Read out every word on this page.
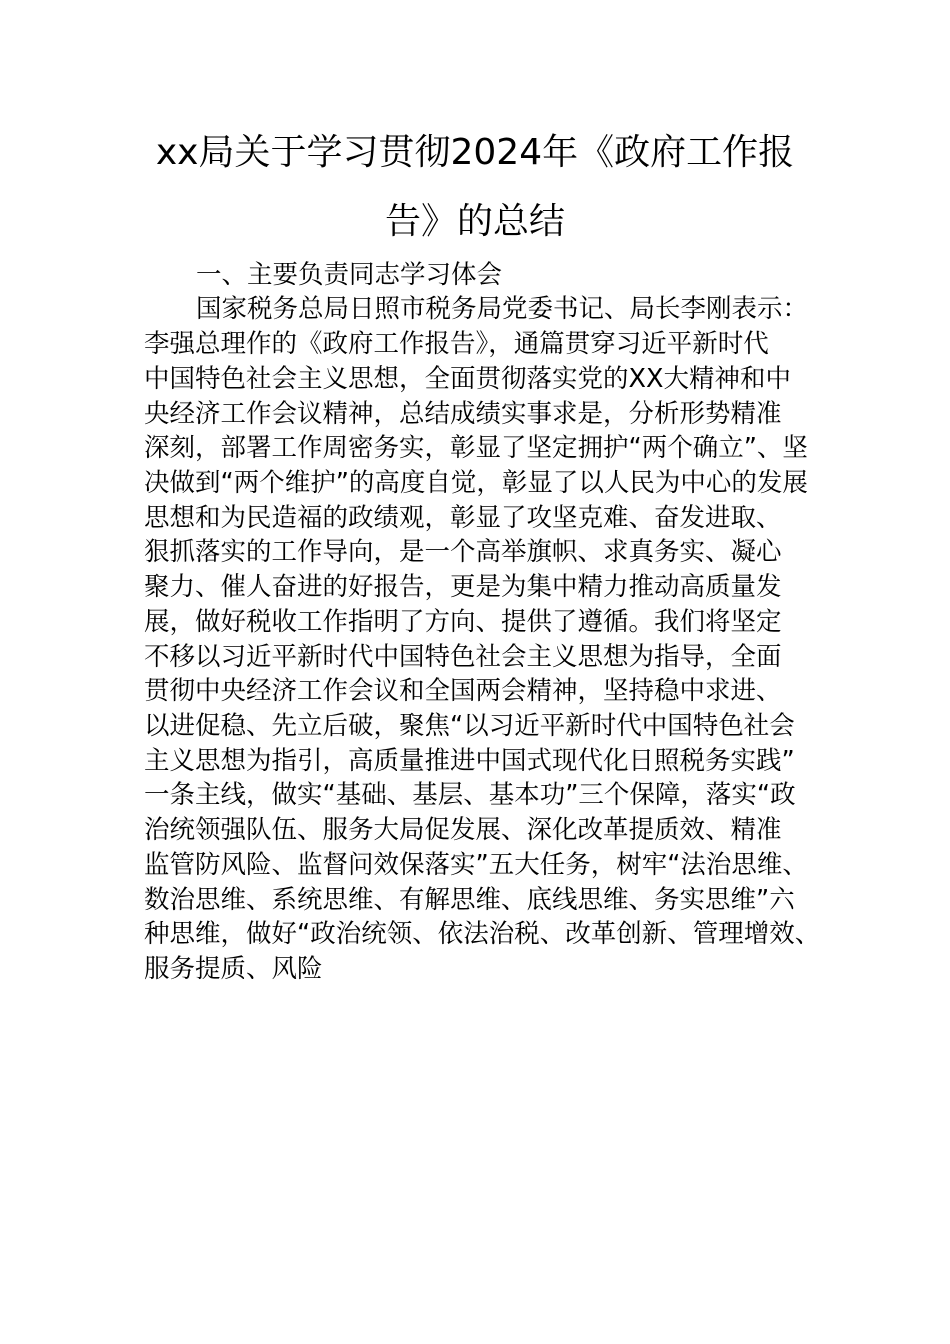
xx局关于学习贯彻2024年《政府工作报
告》的总结
一、主要负责同志学习体会
国家税务总局日照市税务局党委书记、局长李刚表示：
李强总理作的《政府工作报告》，通篇贯穿习近平新时代
中国特色社会主义思想，全面贯彻落实党的XX大精神和中
央经济工作会议精神，总结成绩实事求是，分析形势精准
深刻，部署工作周密务实，彰显了坚定拥护“两个确立”、坚
决做到“两个维护”的高度自觉，彰显了以人民为中心的发展
思想和为民造福的政绩观，彰显了攻坚克难、奋发进取、
狠抓落实的工作导向，是一个高举旗帜、求真务实、凝心
聚力、催人奋进的好报告，更是为集中精力推动高质量发
展，做好税收工作指明了方向、提供了遵循。我们将坚定
不移以习近平新时代中国特色社会主义思想为指导，全面
贯彻中央经济工作会议和全国两会精神，坚持稳中求进、
以进促稳、先立后破，聚焦“以习近平新时代中国特色社会
主义思想为指引，高质量推进中国式现代化日照税务实践”
一条主线，做实“基础、基层、基本功”三个保障，落实“政
治统领强队伍、服务大局促发展、深化改革提质效、精准
监管防风险、监督问效保落实”五大任务，树牢“法治思维、
数治思维、系统思维、有解思维、底线思维、务实思维”六
种思维，做好“政治统领、依法治税、改革创新、管理增效、
服务提质、风险
